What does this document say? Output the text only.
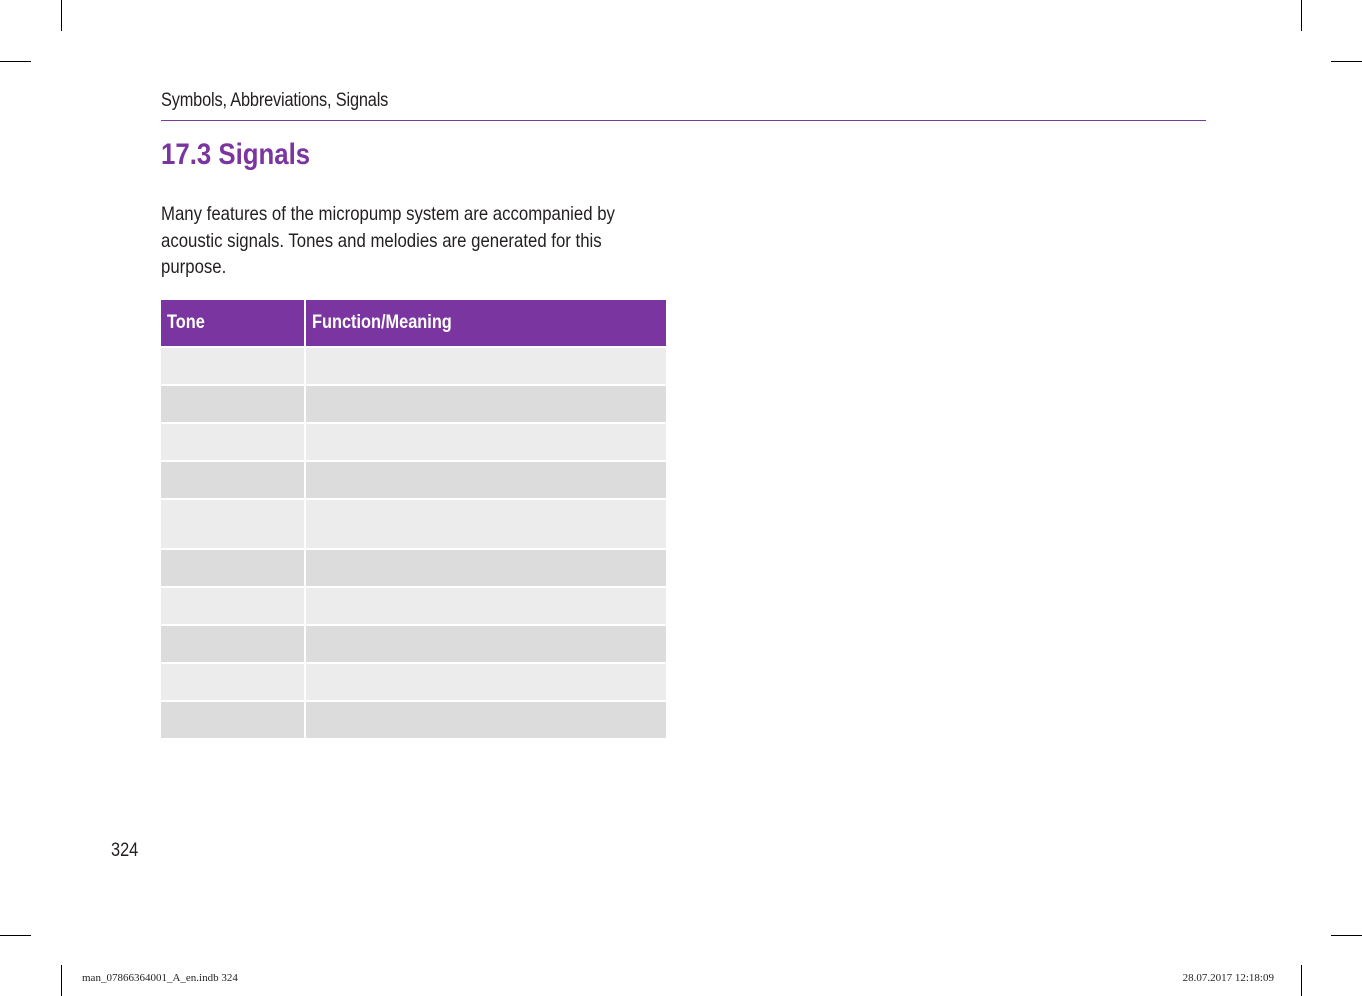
Symbols, Abbreviations, Signals
17.3 Signals
Many features of the micropump system are accompanied by acoustic signals. Tones and melodies are generated for this purpose.
Tone	Function/Meaning
324
man_07866364001_A_en.indb 324	28.07.2017 12:18:09
